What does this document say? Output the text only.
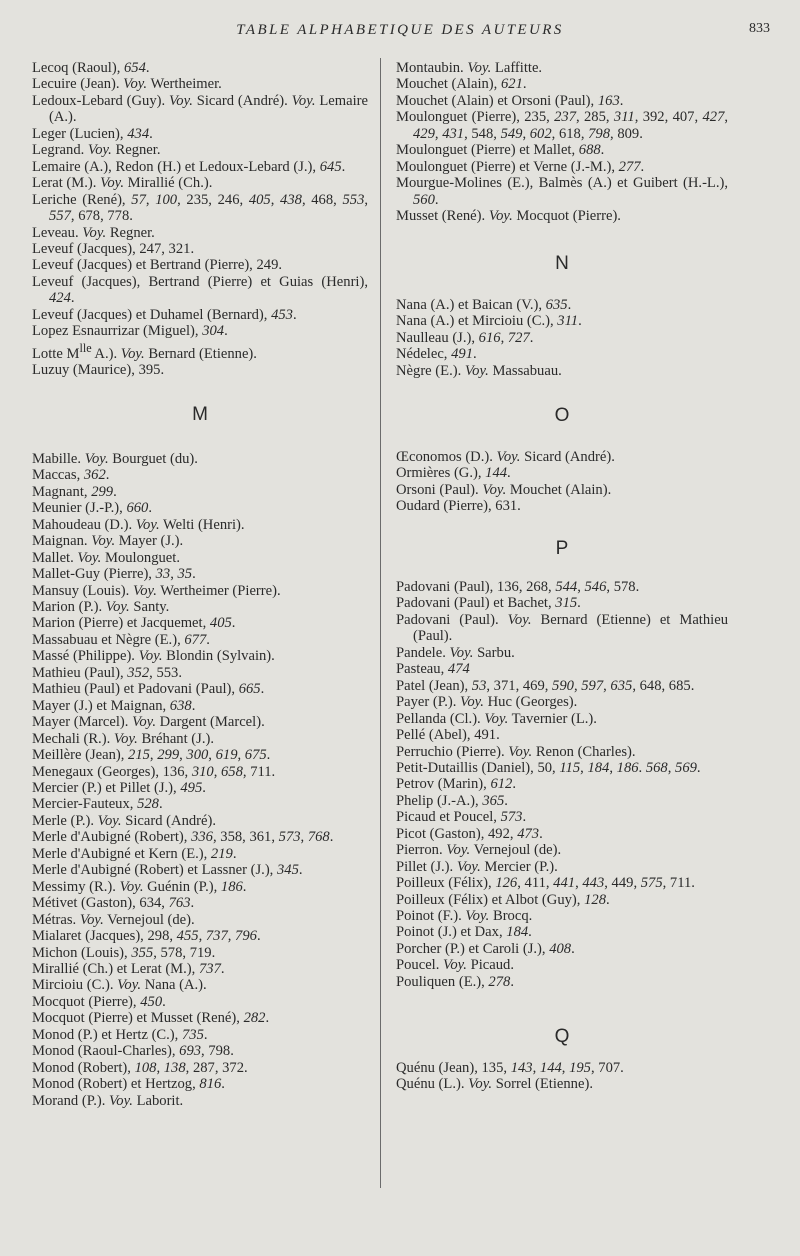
TABLE ALPHABETIQUE DES AUTEURS	833
Lecoq (Raoul), 654.
Lecuire (Jean). Voy. Wertheimer.
Ledoux-Lebard (Guy). Voy. Sicard (André). Voy. Lemaire (A.).
Leger (Lucien), 434.
Legrand. Voy. Regner.
Lemaire (A.), Redon (H.) et Ledoux-Lebard (J.), 645.
Lerat (M.). Voy. Mirallié (Ch.).
Leriche (René), 57, 100, 235, 246, 405, 438, 468, 553, 557, 678, 778.
Leveau. Voy. Regner.
Leveuf (Jacques), 247, 321.
Leveuf (Jacques) et Bertrand (Pierre), 249.
Leveuf (Jacques), Bertrand (Pierre) et Guias (Henri), 424.
Leveuf (Jacques) et Duhamel (Bernard), 453.
Lopez Esnaurrizar (Miguel), 304.
Lotte $M^{lle}$ A.). Voy. Bernard (Etienne).
Luzuy (Maurice), 395.
M
Mabille. Voy. Bourguet (du).
Maccas, 362.
Magnant, 299.
Meunier (J.-P.), 660.
Mahoudeau (D.). Voy. Welti (Henri).
Maignan. Voy. Mayer (J.).
Mallet. Voy. Moulonguet.
Mallet-Guy (Pierre), 33, 35.
Mansuy (Louis). Voy. Wertheimer (Pierre).
Marion (P.). Voy. Santy.
Marion (Pierre) et Jacquemet, 405.
Massabuau et Nègre (E.), 677.
Massé (Philippe). Voy. Blondin (Sylvain).
Mathieu (Paul), 352, 553.
Mathieu (Paul) et Padovani (Paul), 665.
Mayer (J.) et Maignan, 638.
Mayer (Marcel). Voy. Dargent (Marcel).
Mechali (R.). Voy. Bréhant (J.).
Meillère (Jean), 215, 299, 300, 619, 675.
Menegaux (Georges), 136, 310, 658, 711.
Mercier (P.) et Pillet (J.), 495.
Mercier-Fauteux, 528.
Merle (P.). Voy. Sicard (André).
Merle d'Aubigné (Robert), 336, 358, 361, 573, 768.
Merle d'Aubigné et Kern (E.), 219.
Merle d'Aubigné (Robert) et Lassner (J.), 345.
Messimy (R.). Voy. Guénin (P.), 186.
Métivet (Gaston), 634, 763.
Métras. Voy. Vernejoul (de).
Mialaret (Jacques), 298, 455, 737, 796.
Michon (Louis), 355, 578, 719.
Mirallié (Ch.) et Lerat (M.), 737.
Mircioiu (C.). Voy. Nana (A.).
Mocquot (Pierre), 450.
Mocquot (Pierre) et Musset (René), 282.
Monod (P.) et Hertz (C.), 735.
Monod (Raoul-Charles), 693, 798.
Monod (Robert), 108, 138, 287, 372.
Monod (Robert) et Hertzog, 816.
Morand (P.). Voy. Laborit.
Montaubin. Voy. Laffitte.
Mouchet (Alain), 621.
Mouchet (Alain) et Orsoni (Paul), 163.
Moulonguet (Pierre), 235, 237, 285, 311, 392, 407, 427, 429, 431, 548, 549, 602, 618, 798, 809.
Moulonguet (Pierre) et Mallet, 688.
Moulonguet (Pierre) et Verne (J.-M.), 277.
Mourgue-Molines (E.), Balmès (A.) et Guibert (H.-L.), 560.
Musset (René). Voy. Mocquot (Pierre).
N
Nana (A.) et Baican (V.), 635.
Nana (A.) et Mircioiu (C.), 311.
Naulleau (J.), 616, 727.
Nédelec, 491.
Nègre (E.). Voy. Massabuau.
O
Œconomos (D.). Voy. Sicard (André).
Ormières (G.), 144.
Orsoni (Paul). Voy. Mouchet (Alain).
Oudard (Pierre), 631.
P
Padovani (Paul), 136, 268, 544, 546, 578.
Padovani (Paul) et Bachet, 315.
Padovani (Paul). Voy. Bernard (Etienne) et Mathieu (Paul).
Pandele. Voy. Sarbu.
Pasteau, 474
Patel (Jean), 53, 371, 469, 590, 597, 635, 648, 685.
Payer (P.). Voy. Huc (Georges).
Pellanda (Cl.). Voy. Tavernier (L.).
Pellé (Abel), 491.
Perruchio (Pierre). Voy. Renon (Charles).
Petit-Dutaillis (Daniel), 50, 115, 184, 186. 568, 569.
Petrov (Marin), 612.
Phelip (J.-A.), 365.
Picaud et Poucel, 573.
Picot (Gaston), 492, 473.
Pierron. Voy. Vernejoul (de).
Pillet (J.). Voy. Mercier (P.).
Poilleux (Félix), 126, 411, 441, 443, 449, 575, 711.
Poilleux (Félix) et Albot (Guy), 128.
Poinot (F.). Voy. Brocq.
Poinot (J.) et Dax, 184.
Porcher (P.) et Caroli (J.), 408.
Poucel. Voy. Picaud.
Pouliquen (E.), 278.
Q
Quénu (Jean), 135, 143, 144, 195, 707.
Quénu (L.). Voy. Sorrel (Etienne).
